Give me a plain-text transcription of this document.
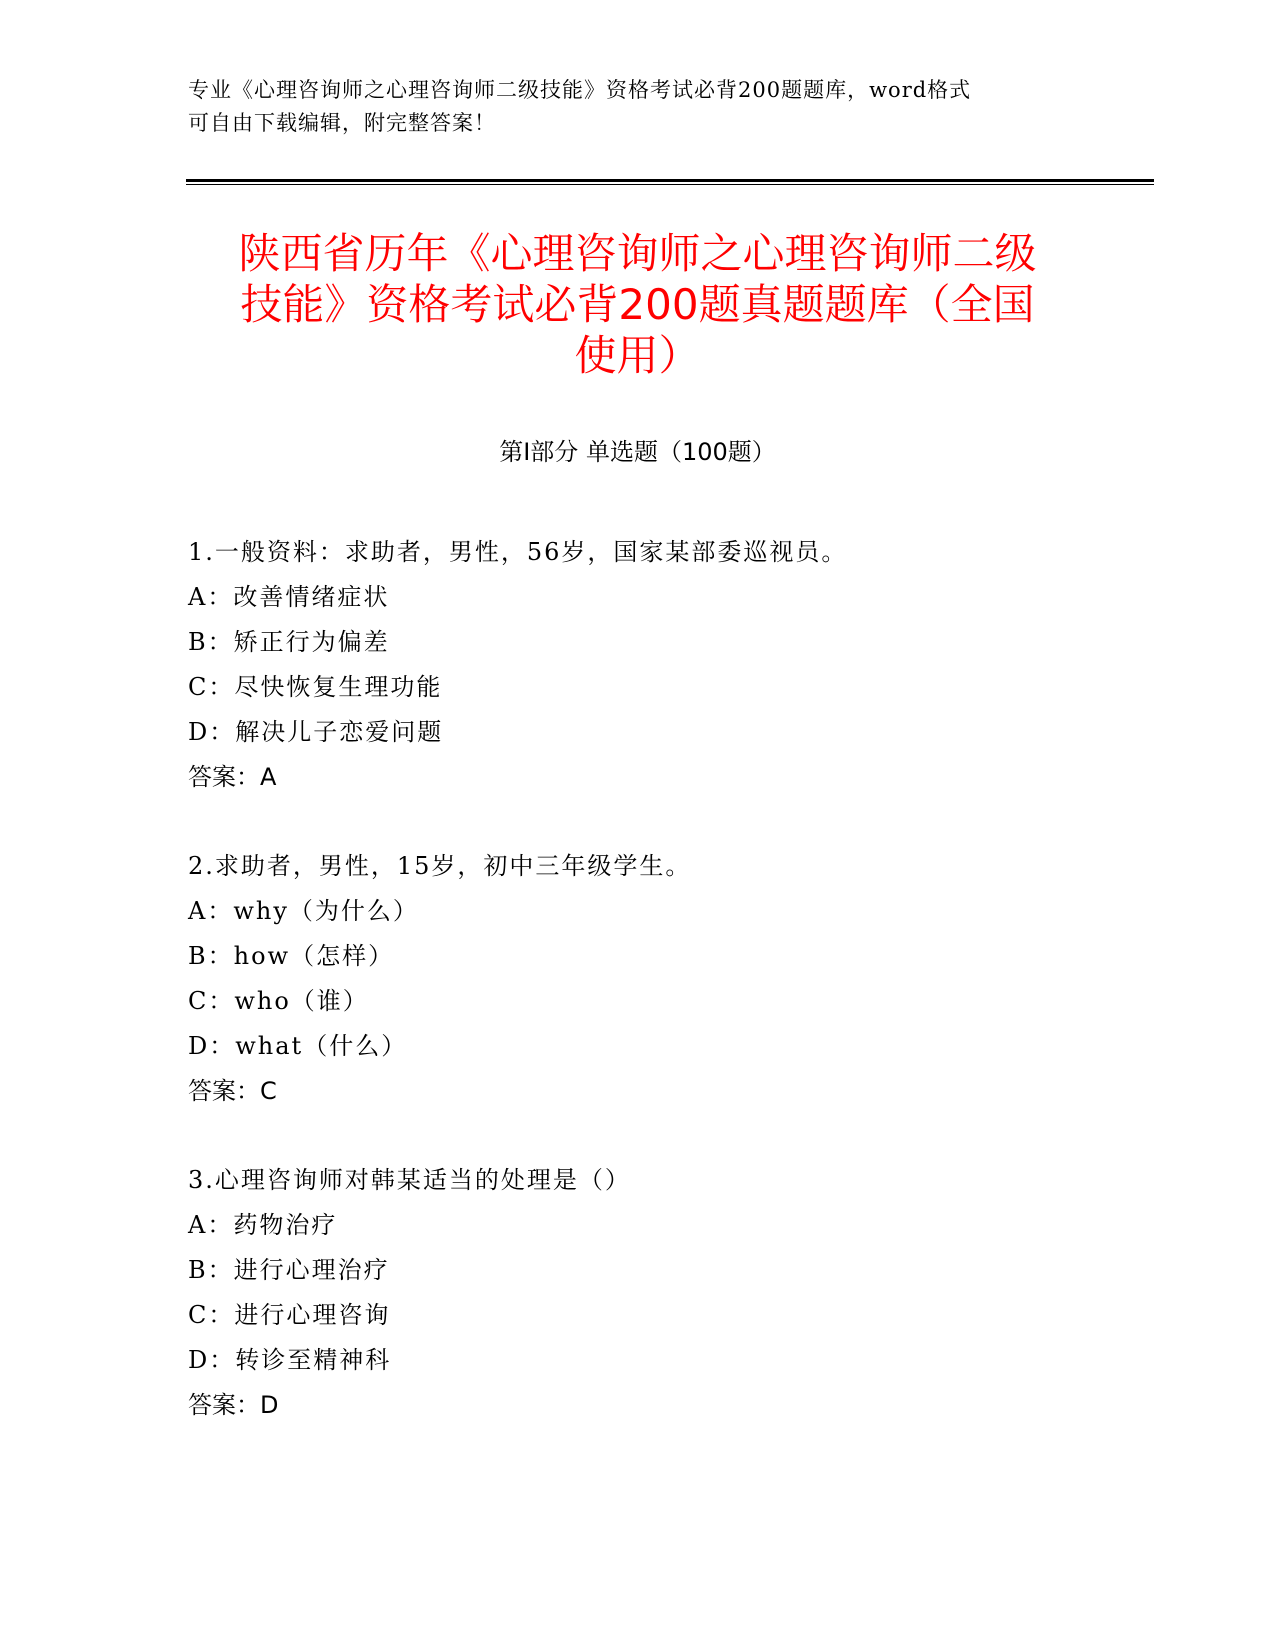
专业《心理咨询师之心理咨询师二级技能》资格考试必背200题题库，word格式
可自由下载编辑，附完整答案！
陕西省历年《心理咨询师之心理咨询师二级
技能》资格考试必背200题真题题库（全国
使用）
第Ⅰ部分 单选题（100题）
1.一般资料：求助者，男性，56岁，国家某部委巡视员。
A：改善情绪症状
B：矫正行为偏差
C：尽快恢复生理功能
D：解决儿子恋爱问题
答案：A
2.求助者，男性，15岁，初中三年级学生。
A：why（为什么）
B：how（怎样）
C：who（谁）
D：what（什么）
答案：C
3.心理咨询师对韩某适当的处理是（）
A：药物治疗
B：进行心理治疗
C：进行心理咨询
D：转诊至精神科
答案：D
